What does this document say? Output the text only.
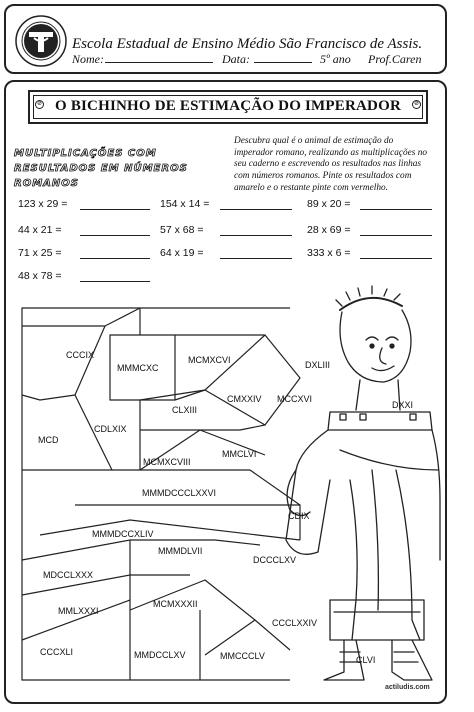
Escola Estadual de Ensino Médio São Francisco de Assis.
Nome:	Data:	5º ano Prof.Caren
⊘	⊘
O BICHINHO DE ESTIMAÇÃO DO IMPERADOR
MULTIPLICAÇÕES COM RESULTADOS EM NÚMEROS ROMANOS
Descubra qual é o animal de estimação do imperador romano, realizando as multiplicações no seu caderno e escrevendo os resultados nas linhas com números romanos. Pinte os resultados com amarelo e o restante pinte com vermelho.
123 x 29 =	154 x 14 =	89 x 20 =
44 x 21 =	57 x 68 =	28 x 69 =
71 x 25 =	64 x 19 =	333 x 6 =
48 x 78 =
CCCIX
MMMCXC
MCMXCVI	DXLIII
CMXXIV MCCXVI
CLXIII	DXXI
CDLXIX
MCD
MCMXCVIII
MMCLVI
MMMDCCCLXXVI
CDIX
MMMDCCXLIV
MMMDLVII
DCCCLXV
MDCCLXXX
MCMXXXII
MMLXXXI
CCCLXXIV
CCCXLI	MMDCCLXV	MMCCCLV	CLVI
actiludis.com
